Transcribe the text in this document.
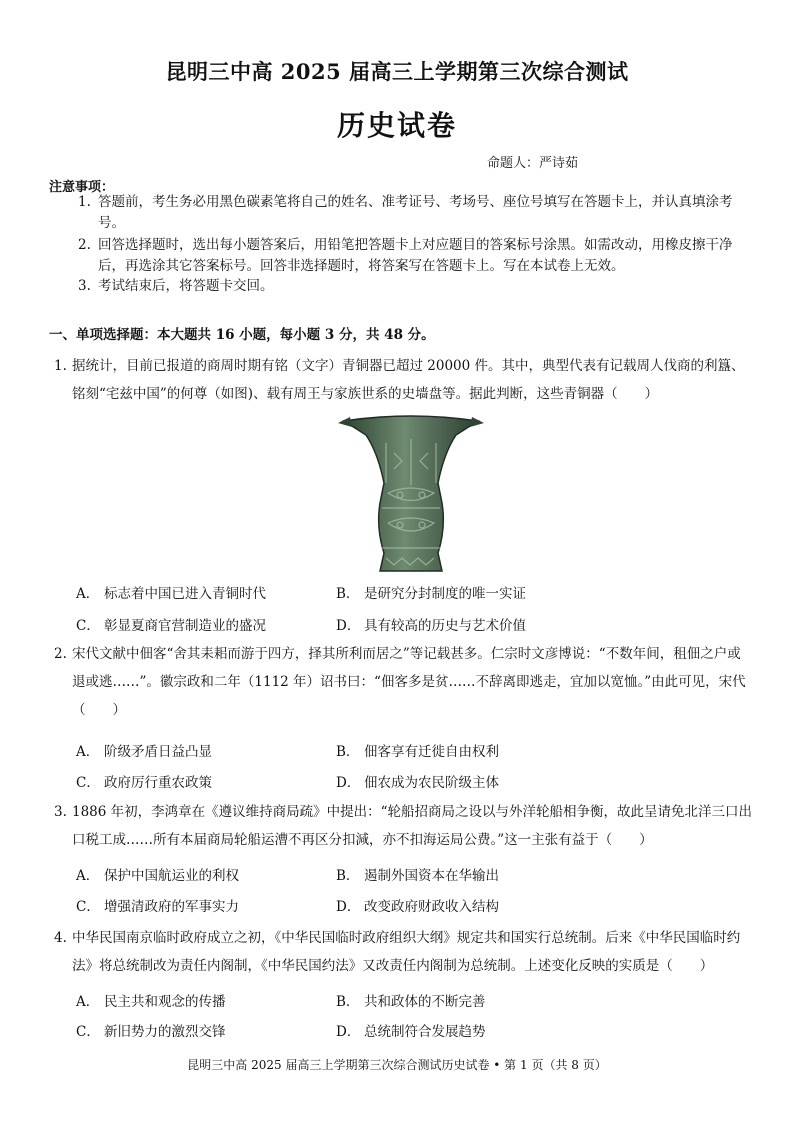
昆明三中高 2025 届高三上学期第三次综合测试
历史试卷
命题人：严诗茹
注意事项：
1. 答题前，考生务必用黑色碳素笔将自己的姓名、准考证号、考场号、座位号填写在答题卡上，并认真填涂考号。
2. 回答选择题时，选出每小题答案后，用铅笔把答题卡上对应题目的答案标号涂黑。如需改动，用橡皮擦干净后，再选涂其它答案标号。回答非选择题时，将答案写在答题卡上。写在本试卷上无效。
3. 考试结束后，将答题卡交回。
一、单项选择题：本大题共 16 小题，每小题 3 分，共 48 分。
1. 据统计，目前已报道的商周时期有铭（文字）青铜器已超过 20000 件。其中，典型代表有记载周人伐商的利簋、铭刻“宅兹中国”的何尊（如图)、载有周王与家族世系的史墙盘等。据此判断，这些青铜器（　　）
A． 标志着中国已进入青铜时代	B． 是研究分封制度的唯一实证
C． 彰显夏商官营制造业的盛况	D． 具有较高的历史与艺术价值
2. 宋代文献中佃客“舍其耒耜而游于四方，择其所利而居之”等记载甚多。仁宗时文彦博说：“不数年间，租佃之户或退或逃……”。徽宗政和二年（1112 年）诏书曰：“佃客多是贫……不辞离即逃走，宜加以宽恤。”由此可见，宋代（　　）
A． 阶级矛盾日益凸显	B． 佃客享有迁徙自由权利
C． 政府厉行重农政策	D． 佃农成为农民阶级主体
3. 1886 年初，李鸿章在《遵议维持商局疏》中提出：“轮船招商局之设以与外洋轮船相争衡，故此呈请免北洋三口出口税工成……所有本届商局轮船运漕不再区分扣減，亦不扣海运局公费。”这一主张有益于（　　）
A． 保护中国航运业的利权	B． 遏制外国资本在华输出
C． 增强清政府的军事实力	D． 改变政府财政收入结构
4. 中华民国南京临时政府成立之初，《中华民国临时政府组织大纲》规定共和国实行总统制。后来《中华民国临时约法》将总统制改为责任内阁制，《中华民国约法》又改责任内阁制为总统制。上述变化反映的实质是（　　）
A． 民主共和观念的传播	B． 共和政体的不断完善
C． 新旧势力的激烈交锋	D． 总统制符合发展趋势
昆明三中高 2025 届高三上学期第三次综合测试历史试卷 • 第 1 页（共 8 页）
